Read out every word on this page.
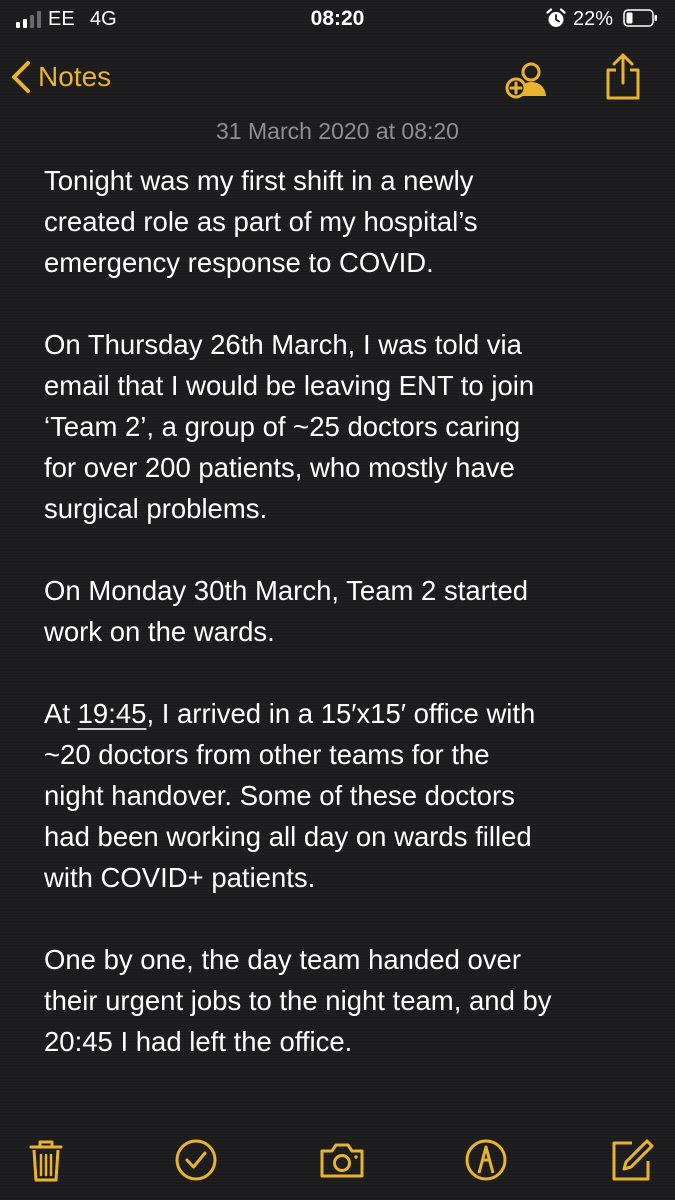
EE 4G	08:20	22%
Notes
31 March 2020 at 08:20

Tonight was my first shift in a newly
created role as part of my hospital’s
emergency response to COVID.

On Thursday 26th March, I was told via
email that I would be leaving ENT to join
‘Team 2’, a group of ~25 doctors caring
for over 200 patients, who mostly have
surgical problems.

On Monday 30th March, Team 2 started
work on the wards.

At 19:45, I arrived in a 15′x15′ office with
~20 doctors from other teams for the
night handover. Some of these doctors
had been working all day on wards filled
with COVID+ patients.

One by one, the day team handed over
their urgent jobs to the night team, and by
20:45 I had left the office.
